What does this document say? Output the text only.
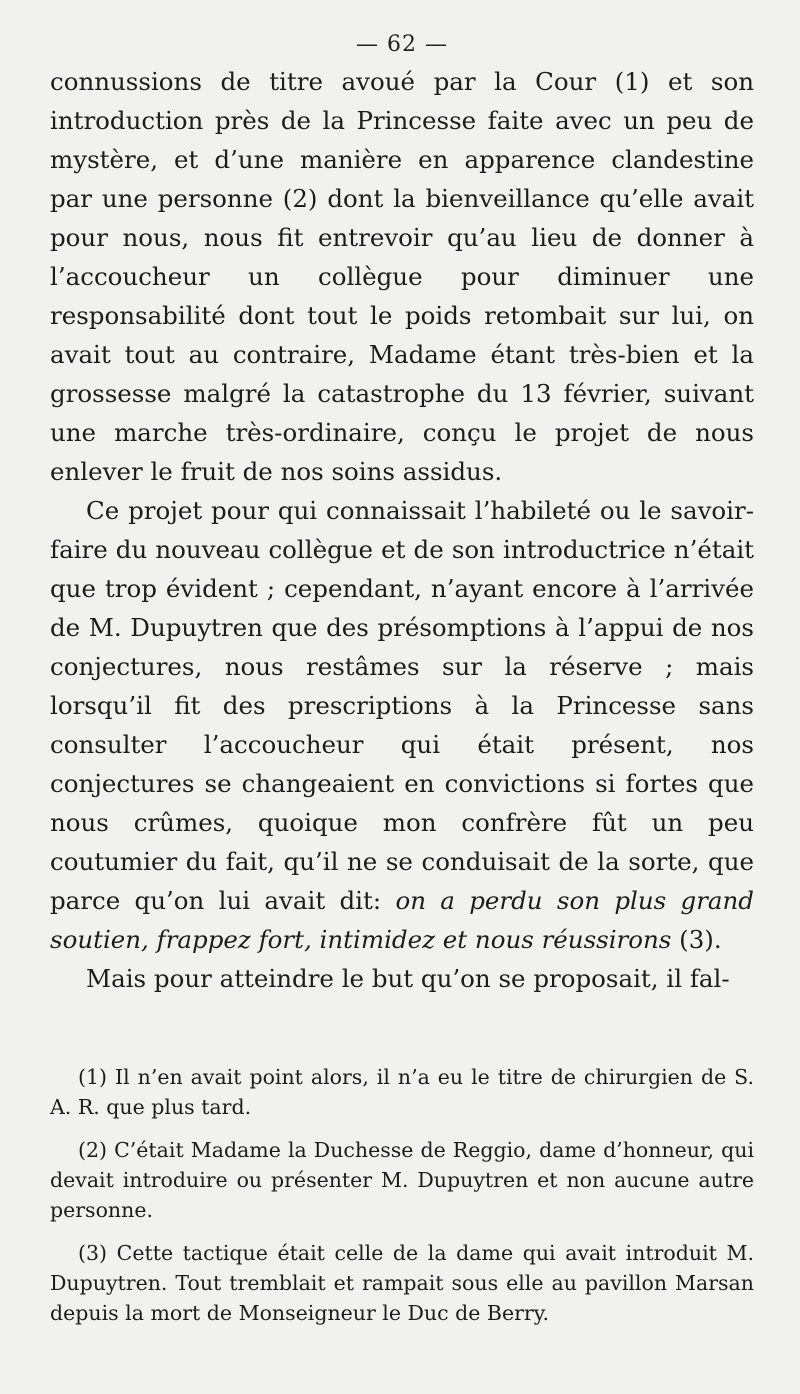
— 62 —

connussions de titre avoué par la Cour (1) et son introduction près de la Princesse faite avec un peu de mystère, et d’une manière en apparence clandestine par une personne (2) dont la bienveillance qu’elle avait pour nous, nous fit entrevoir qu’au lieu de donner à l’accoucheur un collègue pour diminuer une responsabilité dont tout le poids retombait sur lui, on avait tout au contraire, Madame étant très-bien et la grossesse malgré la catastrophe du 13 février, suivant une marche très-ordinaire, conçu le projet de nous enlever le fruit de nos soins assidus.

Ce projet pour qui connaissait l’habileté ou le savoir-faire du nouveau collègue et de son introductrice n’était que trop évident ; cependant, n’ayant encore à l’arrivée de M. Dupuytren que des présomptions à l’appui de nos conjectures, nous restâmes sur la réserve ; mais lorsqu’il fit des prescriptions à la Princesse sans consulter l’accoucheur qui était présent, nos conjectures se changeaient en convictions si fortes que nous crûmes, quoique mon confrère fût un peu coutumier du fait, qu’il ne se conduisait de la sorte, que parce qu’on lui avait dit: on a perdu son plus grand soutien, frappez fort, intimidez et nous réussirons (3).

Mais pour atteindre le but qu’on se proposait, il fal-

(1) Il n’en avait point alors, il n’a eu le titre de chirurgien de S. A. R. que plus tard.

(2) C’était Madame la Duchesse de Reggio, dame d’honneur, qui devait introduire ou présenter M. Dupuytren et non aucune autre personne.

(3) Cette tactique était celle de la dame qui avait introduit M. Dupuytren. Tout tremblait et rampait sous elle au pavillon Marsan depuis la mort de Monseigneur le Duc de Berry.
